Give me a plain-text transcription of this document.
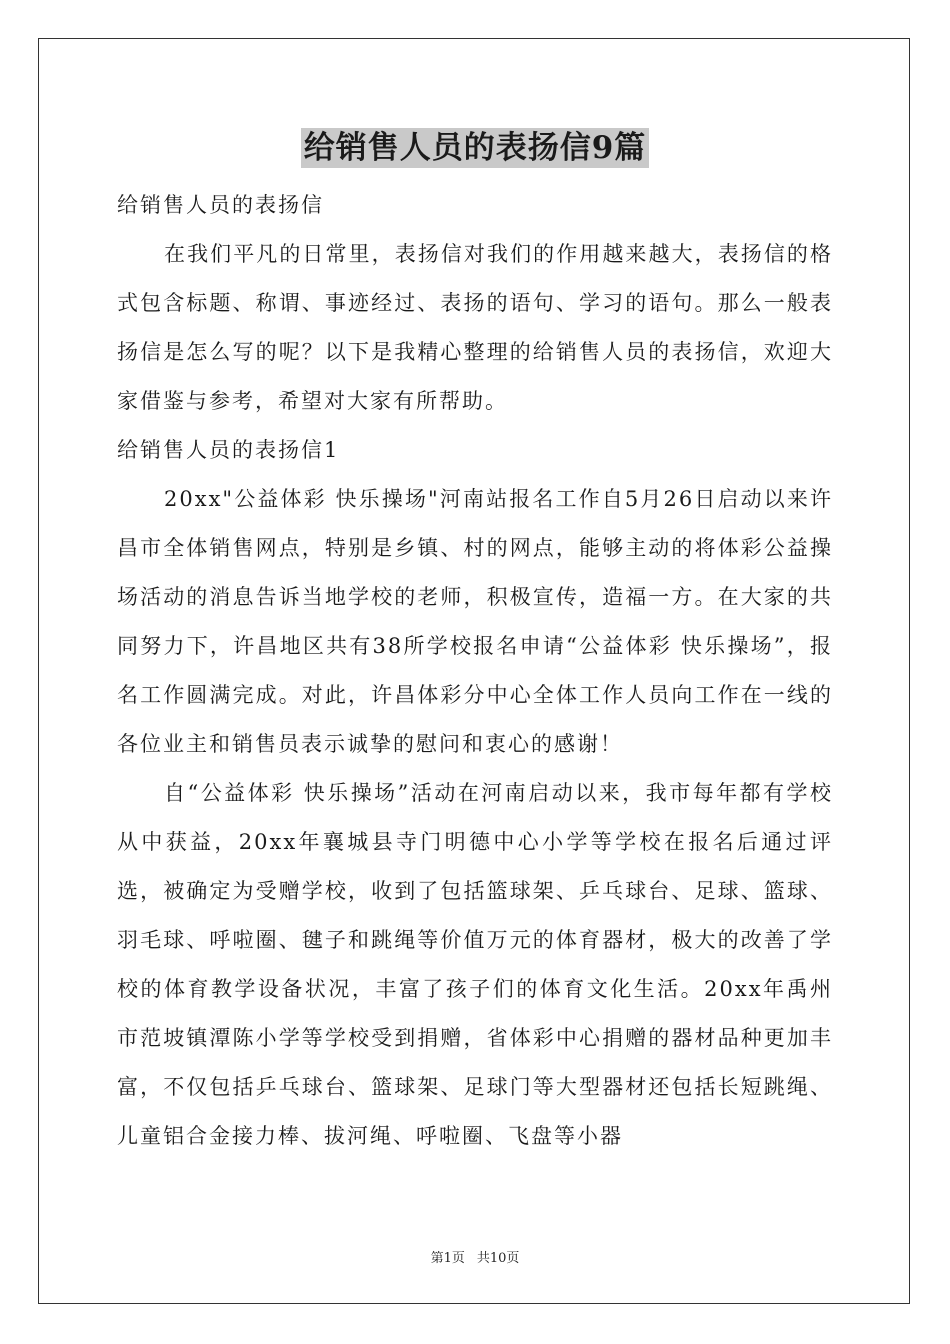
给销售人员的表扬信9篇

给销售人员的表扬信

在我们平凡的日常里，表扬信对我们的作用越来越大，表扬信的格式包含标题、称谓、事迹经过、表扬的语句、学习的语句。那么一般表扬信是怎么写的呢？以下是我精心整理的给销售人员的表扬信，欢迎大家借鉴与参考，希望对大家有所帮助。

给销售人员的表扬信1

20xx"公益体彩 快乐操场"河南站报名工作自5月26日启动以来许昌市全体销售网点，特别是乡镇、村的网点，能够主动的将体彩公益操场活动的消息告诉当地学校的老师，积极宣传，造福一方。在大家的共同努力下，许昌地区共有38所学校报名申请“公益体彩 快乐操场”，报名工作圆满完成。对此，许昌体彩分中心全体工作人员向工作在一线的各位业主和销售员表示诚挚的慰问和衷心的感谢！

自“公益体彩 快乐操场”活动在河南启动以来，我市每年都有学校从中获益，20xx年襄城县寺门明德中心小学等学校在报名后通过评选，被确定为受赠学校，收到了包括篮球架、乒乓球台、足球、篮球、羽毛球、呼啦圈、毽子和跳绳等价值万元的体育器材，极大的改善了学校的体育教学设备状况，丰富了孩子们的体育文化生活。20xx年禹州市范坡镇潭陈小学等学校受到捐赠，省体彩中心捐赠的器材品种更加丰富，不仅包括乒乓球台、篮球架、足球门等大型器材还包括长短跳绳、儿童铝合金接力棒、拔河绳、呼啦圈、飞盘等小器

第1页 共10页
